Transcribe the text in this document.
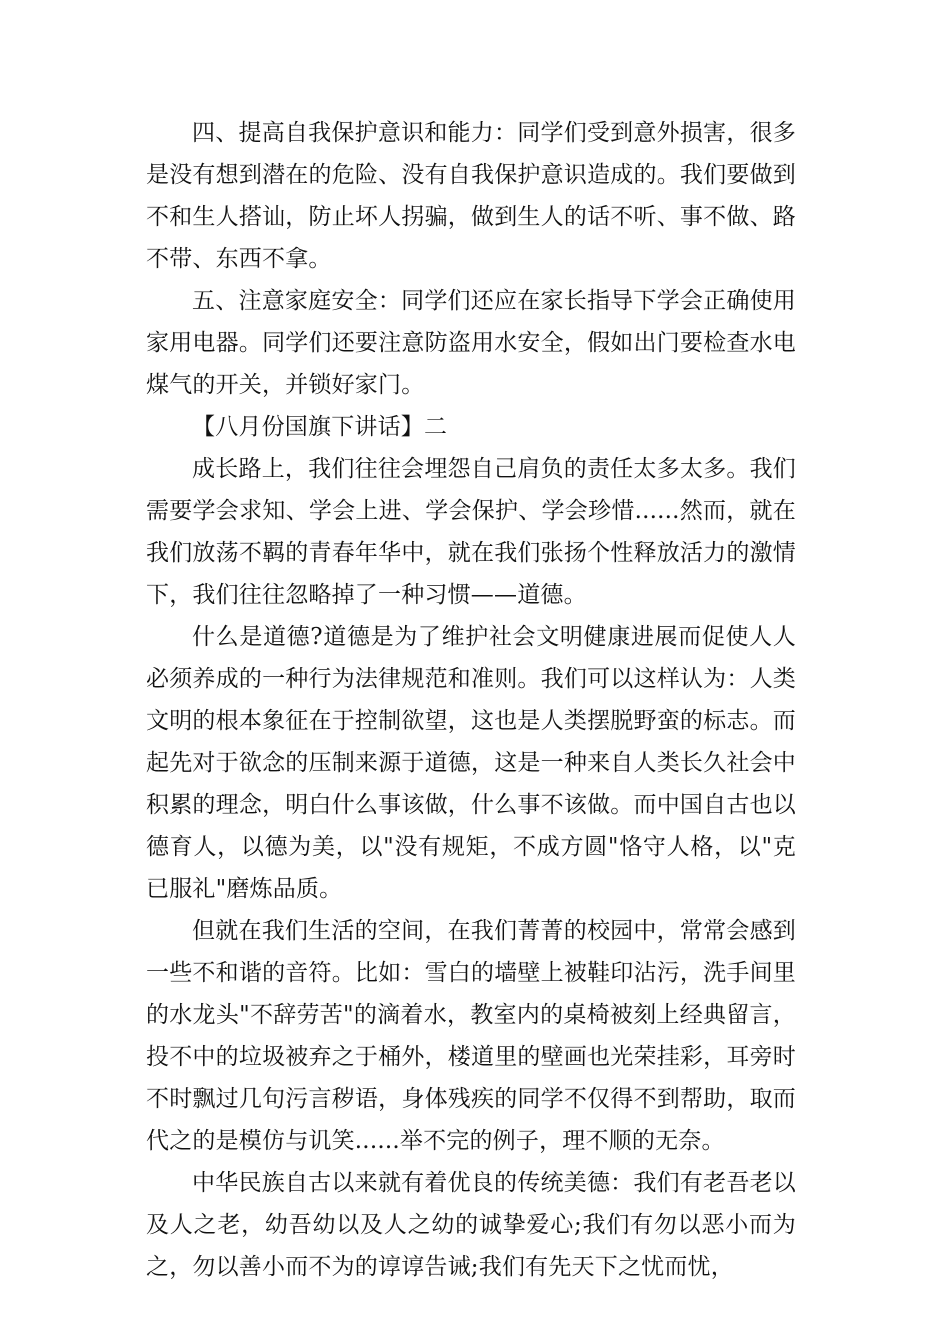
四、提高自我保护意识和能力：同学们受到意外损害，很多是没有想到潜在的危险、没有自我保护意识造成的。我们要做到不和生人搭讪，防止坏人拐骗，做到生人的话不听、事不做、路不带、东西不拿。

五、注意家庭安全：同学们还应在家长指导下学会正确使用家用电器。同学们还要注意防盗用水安全，假如出门要检查水电煤气的开关，并锁好家门。

【八月份国旗下讲话】二

成长路上，我们往往会埋怨自己肩负的责任太多太多。我们需要学会求知、学会上进、学会保护、学会珍惜......然而，就在我们放荡不羁的青春年华中，就在我们张扬个性释放活力的激情下，我们往往忽略掉了一种习惯——道德。

什么是道德?道德是为了维护社会文明健康进展而促使人人必须养成的一种行为法律规范和准则。我们可以这样认为：人类文明的根本象征在于控制欲望，这也是人类摆脱野蛮的标志。而起先对于欲念的压制来源于道德，这是一种来自人类长久社会中积累的理念，明白什么事该做，什么事不该做。而中国自古也以德育人，以德为美，以"没有规矩，不成方圆"恪守人格，以"克已服礼"磨炼品质。

但就在我们生活的空间，在我们菁菁的校园中，常常会感到一些不和谐的音符。比如：雪白的墙壁上被鞋印沾污，洗手间里的水龙头"不辞劳苦"的滴着水，教室内的桌椅被刻上经典留言，投不中的垃圾被弃之于桶外，楼道里的壁画也光荣挂彩，耳旁时不时飘过几句污言秽语，身体残疾的同学不仅得不到帮助，取而代之的是模仿与讥笑......举不完的例子，理不顺的无奈。

中华民族自古以来就有着优良的传统美德：我们有老吾老以及人之老，幼吾幼以及人之幼的诚挚爱心;我们有勿以恶小而为之，勿以善小而不为的谆谆告诫;我们有先天下之忧而忧，
